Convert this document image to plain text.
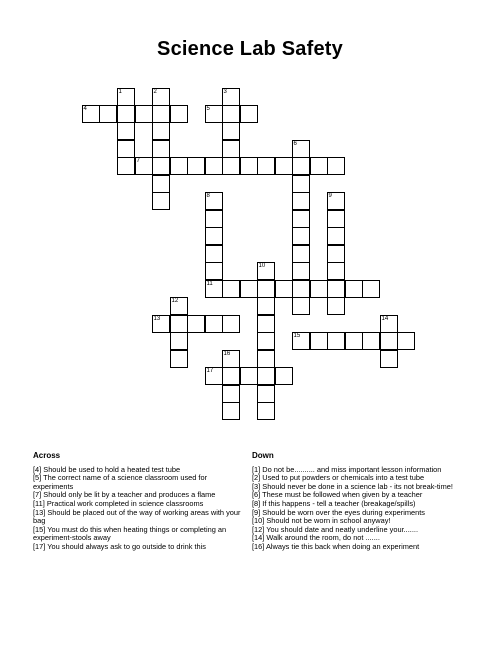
Science Lab Safety
4	5
1	2	3
7
6
8	9
10
11
12
13	14
15
16
17
Across

[4] Should be used to hold a heated test tube

[5] The correct name of a science classroom used for experiments

[7] Should only be lit by a teacher and produces a flame

[11] Practical work completed in science classrooms

[13] Should be placed out of the way of working areas with your bag

[15] You must do this when heating things or completing an experiment-stools away

[17] You should always ask to go outside to drink this

Down

[1] Do not be.......... and miss important lesson information

[2] Used to put powders or chemicals into a test tube

[3] Should never be done in a science lab - its not break-time!

[6] These must be followed when given by a teacher

[8] If this happens - tell a teacher (breakage/spills)

[9] Should be worn over the eyes during experiments

[10] Should not be worn in school anyway!

[12] You should date and neatly underline your.......

[14] Walk around the room, do not .......

[16] Always tie this back when doing an experiment
